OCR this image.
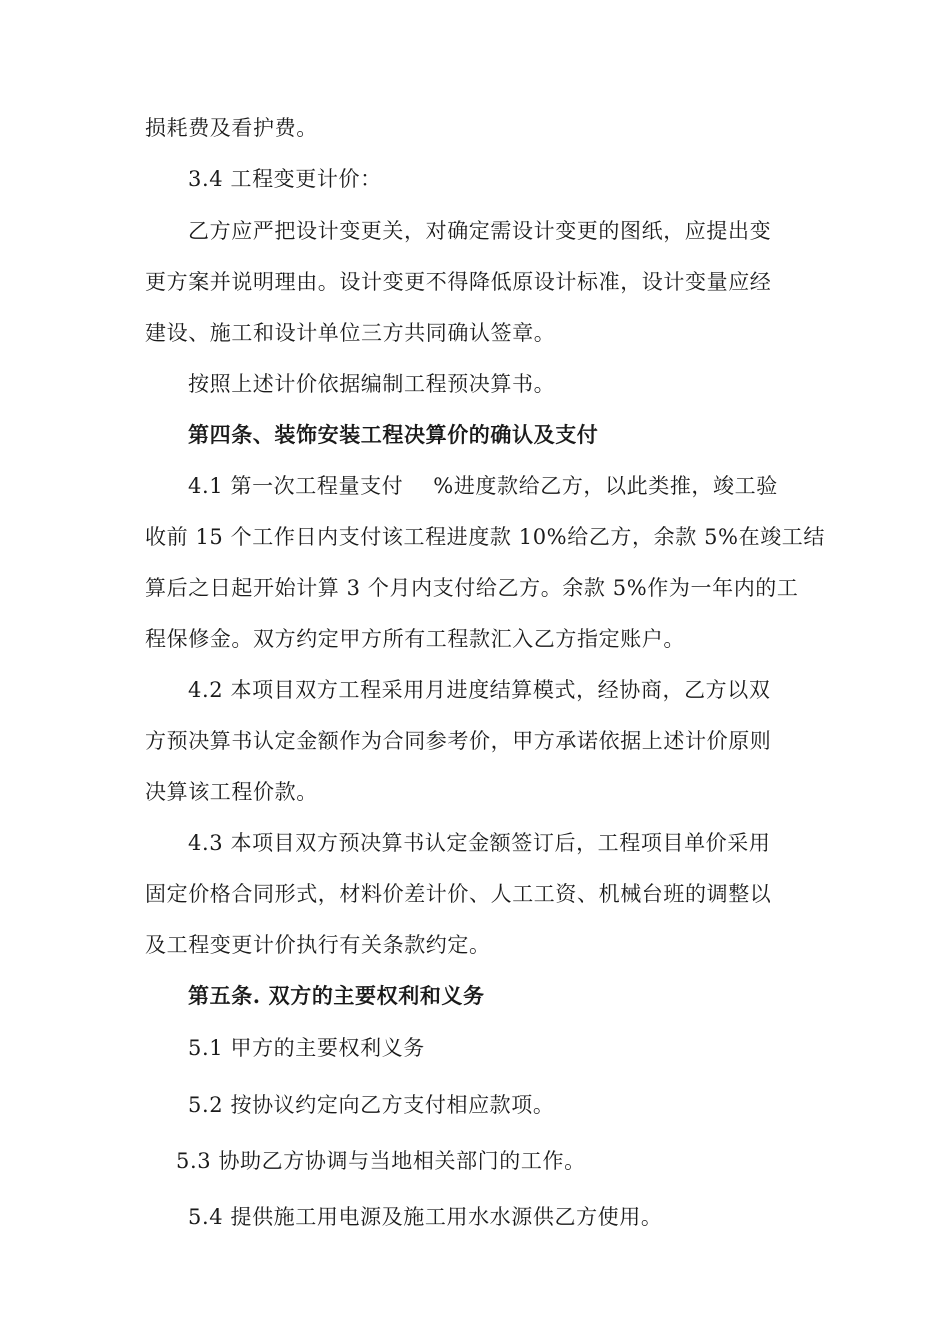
损耗费及看护费。
3.4 工程变更计价：
乙方应严把设计变更关，对确定需设计变更的图纸，应提出变
更方案并说明理由。设计变更不得降低原设计标准，设计变量应经
建设、施工和设计单位三方共同确认签章。
按照上述计价依据编制工程预决算书。
第四条、装饰安装工程决算价的确认及支付
4.1 第一次工程量支付 %进度款给乙方，以此类推，竣工验
收前 15 个工作日内支付该工程进度款 10%给乙方，余款 5%在竣工结
算后之日起开始计算 3 个月内支付给乙方。余款 5%作为一年内的工
程保修金。双方约定甲方所有工程款汇入乙方指定账户。
4.2 本项目双方工程采用月进度结算模式，经协商，乙方以双
方预决算书认定金额作为合同参考价，甲方承诺依据上述计价原则
决算该工程价款。
4.3 本项目双方预决算书认定金额签订后，工程项目单价采用
固定价格合同形式，材料价差计价、人工工资、机械台班的调整以
及工程变更计价执行有关条款约定。
第五条. 双方的主要权利和义务
5.1 甲方的主要权利义务
5.2 按协议约定向乙方支付相应款项。
5.3 协助乙方协调与当地相关部门的工作。
5.4 提供施工用电源及施工用水水源供乙方使用。
